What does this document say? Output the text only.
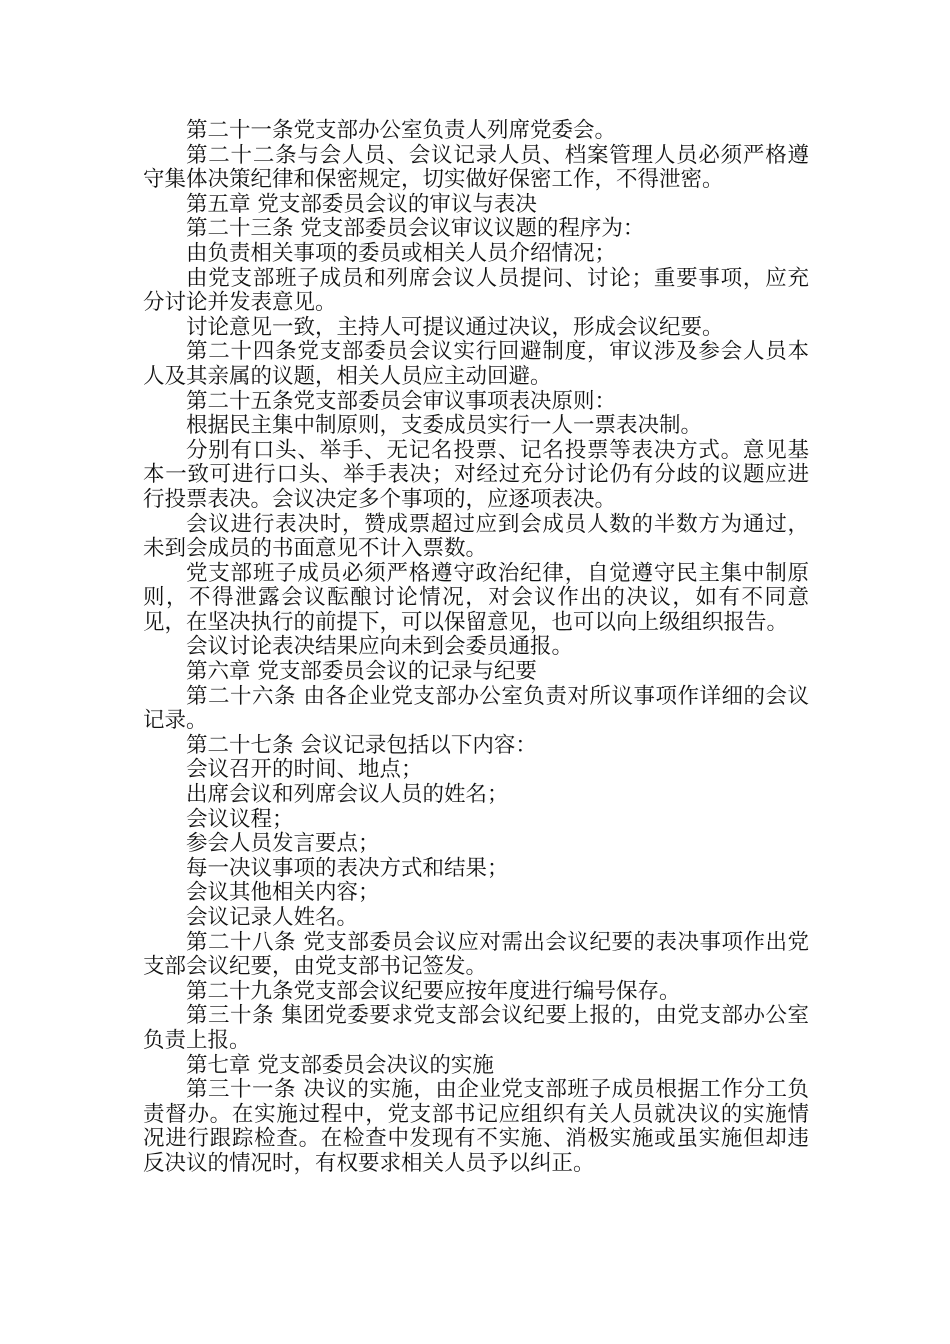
第二十一条党支部办公室负责人列席党委会。

第二十二条与会人员、会议记录人员、档案管理人员必须严格遵守集体决策纪律和保密规定，切实做好保密工作，不得泄密。

第五章 党支部委员会议的审议与表决

第二十三条 党支部委员会议审议议题的程序为：

由负责相关事项的委员或相关人员介绍情况；

由党支部班子成员和列席会议人员提问、讨论；重要事项，应充分讨论并发表意见。

讨论意见一致，主持人可提议通过决议，形成会议纪要。

第二十四条党支部委员会议实行回避制度，审议涉及参会人员本人及其亲属的议题，相关人员应主动回避。

第二十五条党支部委员会审议事项表决原则：

根据民主集中制原则，支委成员实行一人一票表决制。

分别有口头、举手、无记名投票、记名投票等表决方式。意见基本一致可进行口头、举手表决；对经过充分讨论仍有分歧的议题应进行投票表决。会议决定多个事项的，应逐项表决。

会议进行表决时，赞成票超过应到会成员人数的半数方为通过，未到会成员的书面意见不计入票数。

党支部班子成员必须严格遵守政治纪律，自觉遵守民主集中制原则，不得泄露会议酝酿讨论情况，对会议作出的决议，如有不同意见，在坚决执行的前提下，可以保留意见，也可以向上级组织报告。

会议讨论表决结果应向未到会委员通报。

第六章 党支部委员会议的记录与纪要

第二十六条 由各企业党支部办公室负责对所议事项作详细的会议记录。

第二十七条 会议记录包括以下内容：

会议召开的时间、地点；

出席会议和列席会议人员的姓名；

会议议程；

参会人员发言要点；

每一决议事项的表决方式和结果；

会议其他相关内容；

会议记录人姓名。

第二十八条 党支部委员会议应对需出会议纪要的表决事项作出党支部会议纪要，由党支部书记签发。

第二十九条党支部会议纪要应按年度进行编号保存。

第三十条 集团党委要求党支部会议纪要上报的，由党支部办公室负责上报。

第七章 党支部委员会决议的实施

第三十一条 决议的实施，由企业党支部班子成员根据工作分工负责督办。在实施过程中，党支部书记应组织有关人员就决议的实施情况进行跟踪检查。在检查中发现有不实施、消极实施或虽实施但却违反决议的情况时，有权要求相关人员予以纠正。
